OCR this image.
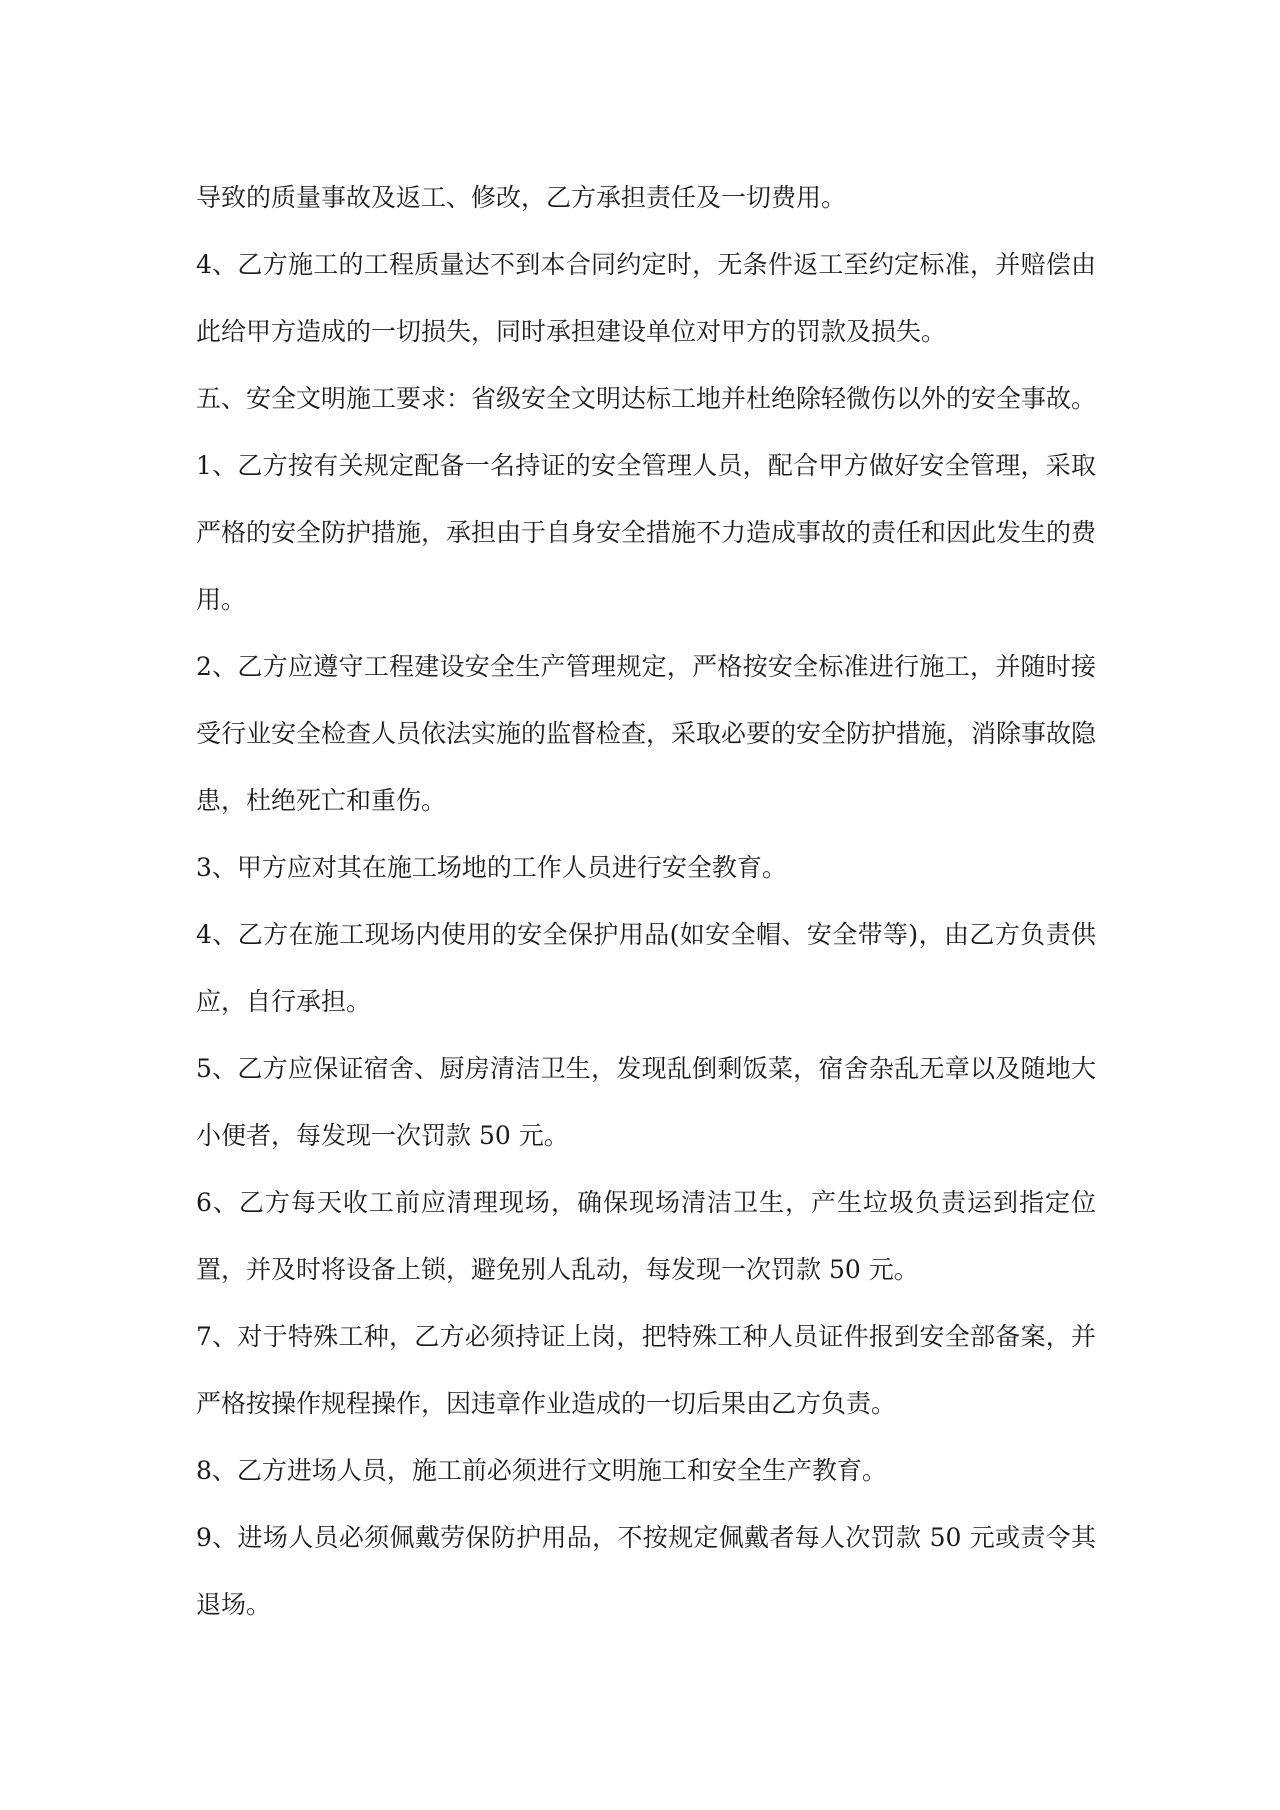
导致的质量事故及返工、修改，乙方承担责任及一切费用。

4、乙方施工的工程质量达不到本合同约定时，无条件返工至约定标准，并赔偿由此给甲方造成的一切损失，同时承担建设单位对甲方的罚款及损失。

五、安全文明施工要求：省级安全文明达标工地并杜绝除轻微伤以外的安全事故。

1、乙方按有关规定配备一名持证的安全管理人员，配合甲方做好安全管理，采取严格的安全防护措施，承担由于自身安全措施不力造成事故的责任和因此发生的费用。

2、乙方应遵守工程建设安全生产管理规定，严格按安全标准进行施工，并随时接受行业安全检查人员依法实施的监督检查，采取必要的安全防护措施，消除事故隐患，杜绝死亡和重伤。

3、甲方应对其在施工场地的工作人员进行安全教育。

4、乙方在施工现场内使用的安全保护用品(如安全帽、安全带等)，由乙方负责供应，自行承担。

5、乙方应保证宿舍、厨房清洁卫生，发现乱倒剩饭菜，宿舍杂乱无章以及随地大小便者，每发现一次罚款 50 元。

6、乙方每天收工前应清理现场，确保现场清洁卫生，产生垃圾负责运到指定位置，并及时将设备上锁，避免别人乱动，每发现一次罚款 50 元。

7、对于特殊工种，乙方必须持证上岗，把特殊工种人员证件报到安全部备案，并严格按操作规程操作，因违章作业造成的一切后果由乙方负责。

8、乙方进场人员，施工前必须进行文明施工和安全生产教育。

9、进场人员必须佩戴劳保防护用品，不按规定佩戴者每人次罚款 50 元或责令其退场。
